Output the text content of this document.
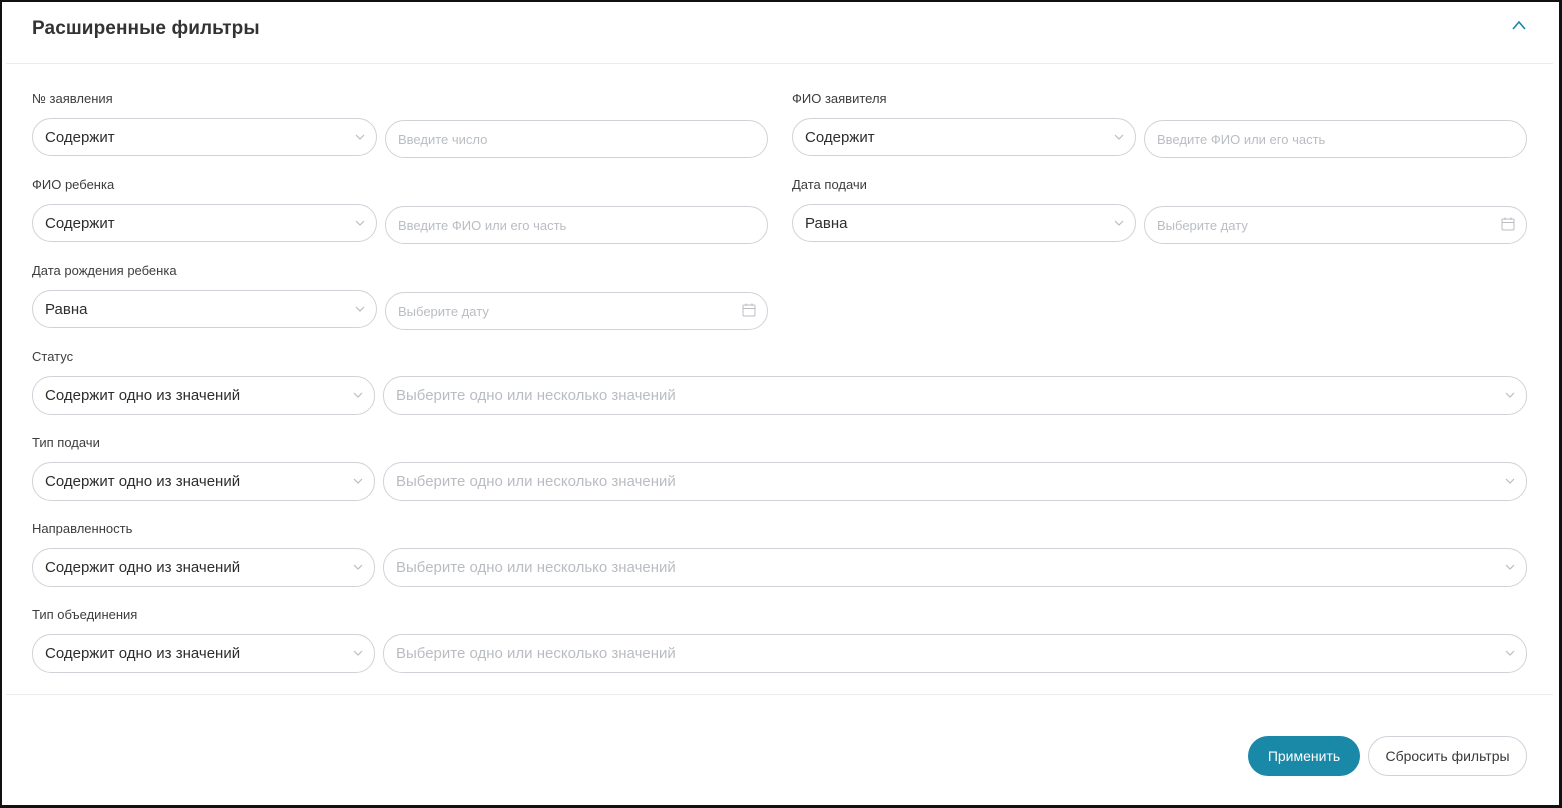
Расширенные фильтры
№ заявления
Содержит	Введите число
ФИО заявителя
Содержит	Введите ФИО или его часть
ФИО ребенка
Содержит	Введите ФИО или его часть
Дата подачи
Равна	Выберите дату
Дата рождения ребенка
Равна	Выберите дату
Статус
Содержит одно из значений	Выберите одно или несколько значений
Тип подачи
Содержит одно из значений	Выберите одно или несколько значений
Направленность
Содержит одно из значений	Выберите одно или несколько значений
Тип объединения
Содержит одно из значений	Выберите одно или несколько значений
Применить	Сбросить фильтры
